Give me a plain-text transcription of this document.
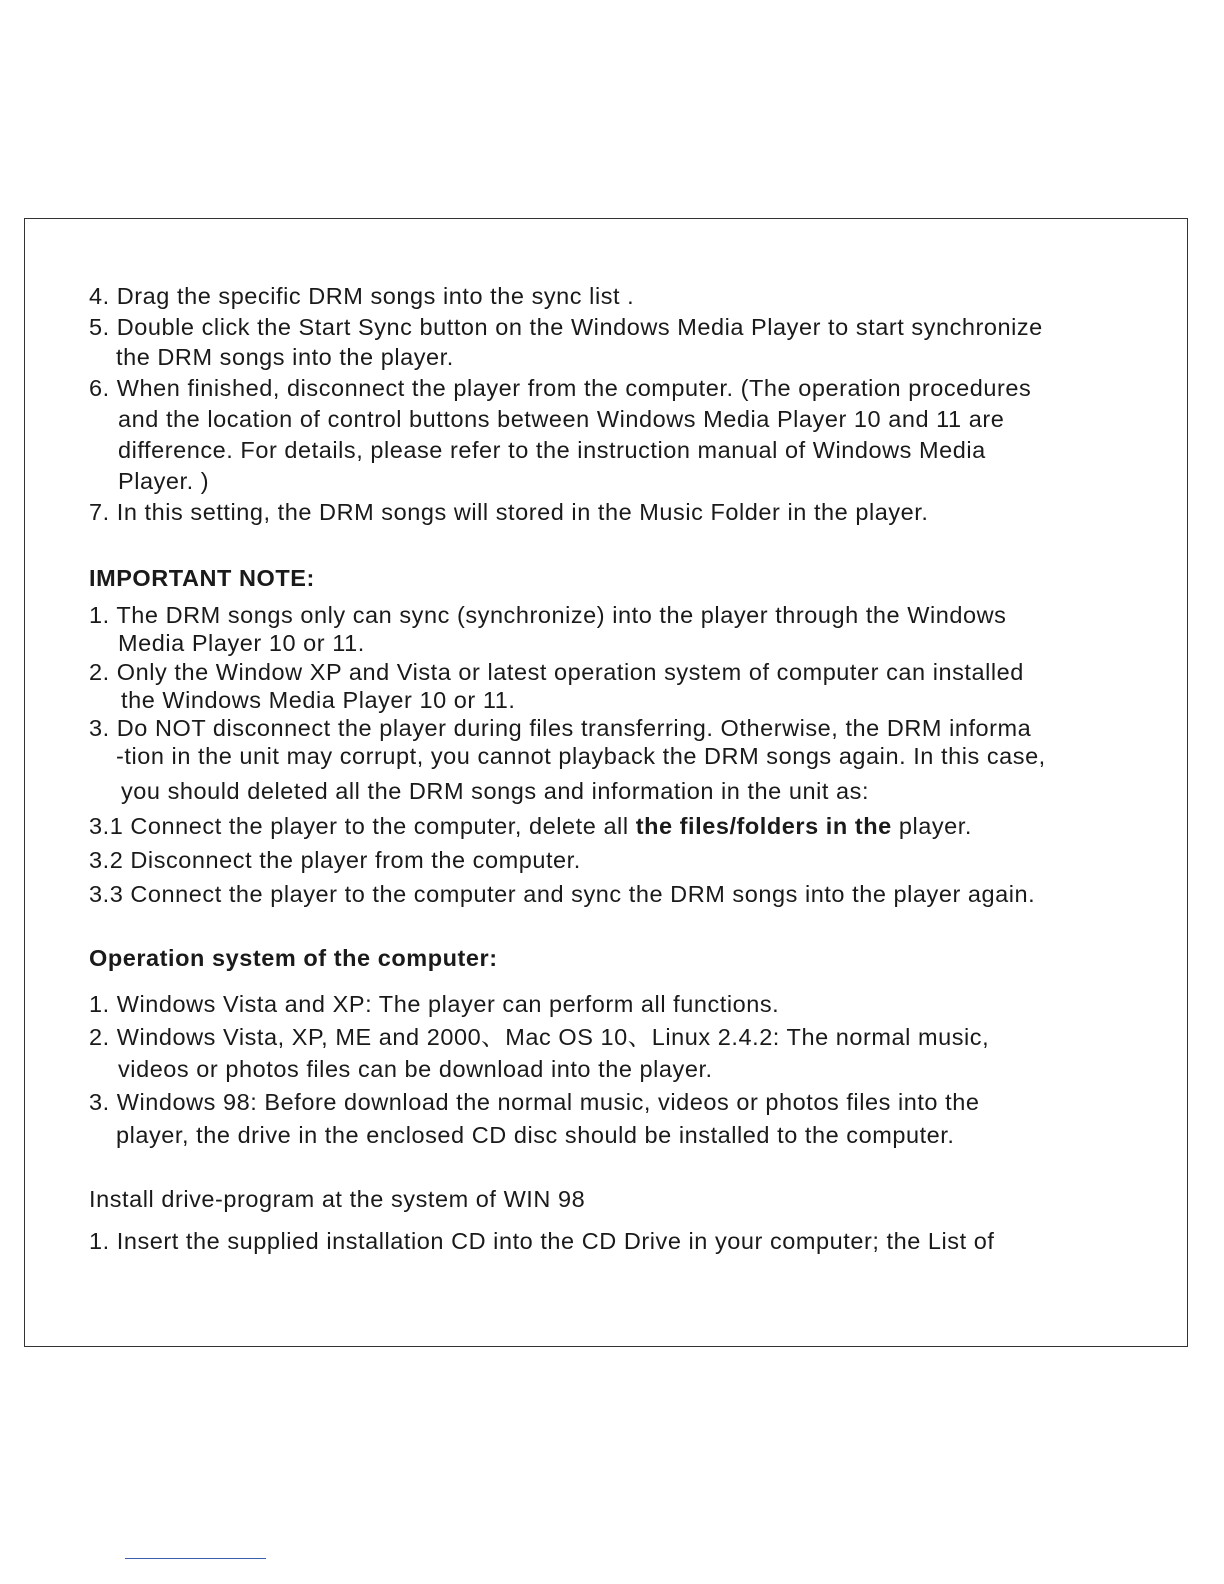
4. Drag the specific DRM songs into the sync list .
5. Double click the Start Sync button on the Windows Media Player to start synchronize
the DRM songs into the player.
6. When finished, disconnect the player from the computer. (The operation procedures
and the location of control buttons between Windows Media Player 10 and 11 are
difference. For details, please refer to the instruction manual of Windows Media
Player. )
7. In this setting, the DRM songs will stored in the Music Folder in the player.
IMPORTANT NOTE:
1. The DRM songs only can sync (synchronize) into the player through the Windows
Media Player 10 or 11.
2. Only the Window XP and Vista or latest operation system of computer can installed
the Windows Media Player 10 or 11.
3. Do NOT disconnect the player during files transferring. Otherwise, the DRM informa
-tion in the unit may corrupt, you cannot playback the DRM songs again. In this case,
you should deleted all the DRM songs and information in the unit as:
3.1 Connect the player to the computer, delete all the files/folders in the player.
3.2 Disconnect the player from the computer.
3.3 Connect the player to the computer and sync the DRM songs into the player again.
Operation system of the computer:
1. Windows Vista and XP: The player can perform all functions.
2. Windows Vista, XP, ME and 2000、Mac OS 10、Linux 2.4.2: The normal music,
videos or photos files can be download into the player.
3. Windows 98: Before download the normal music, videos or photos files into the
player, the drive in the enclosed CD disc should be installed to the computer.
Install drive-program at the system of WIN 98
1. Insert the supplied installation CD into the CD Drive in your computer; the List of
